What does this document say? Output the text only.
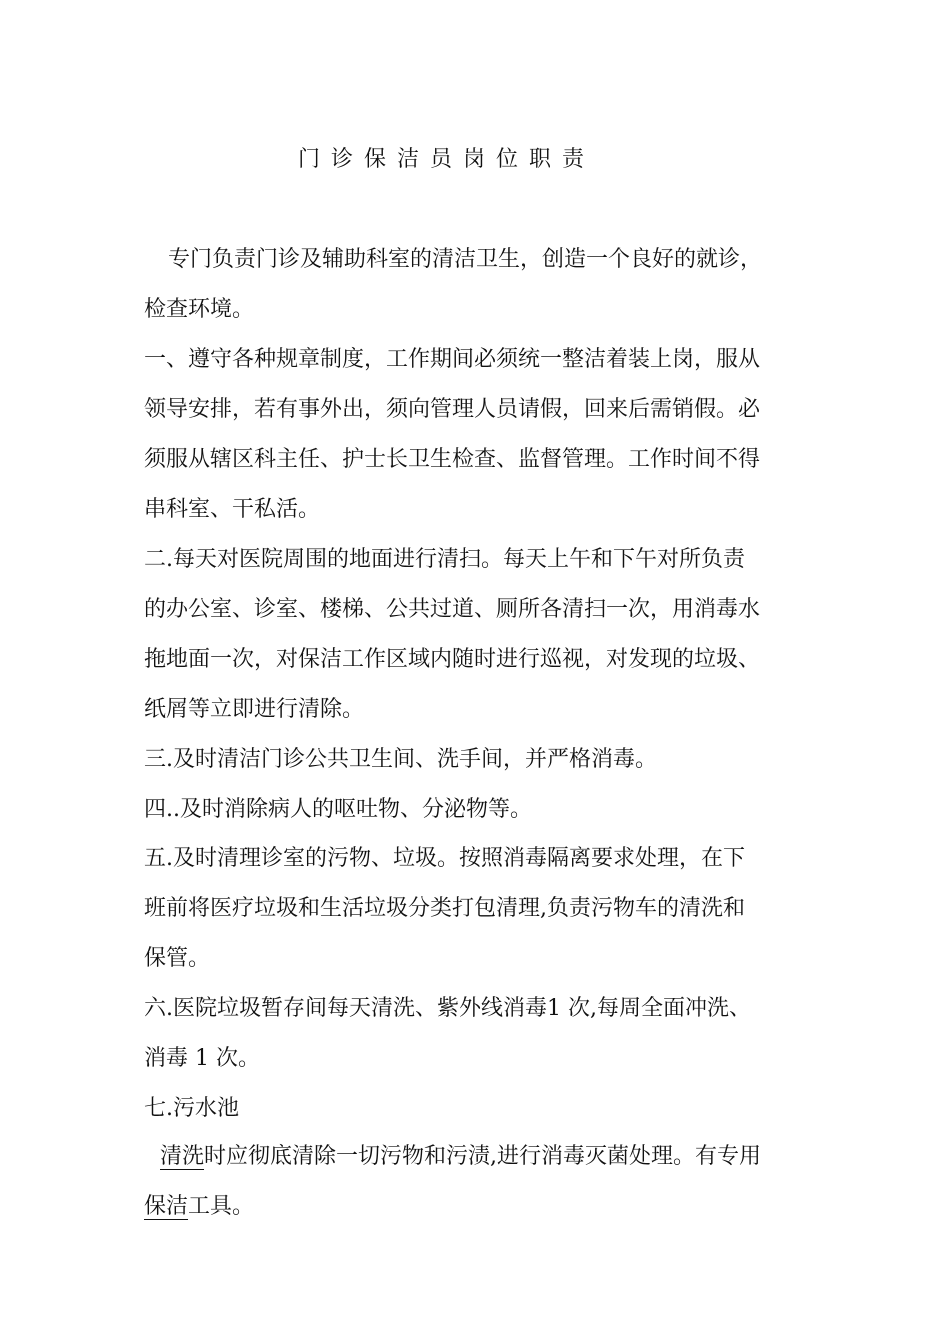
门诊保洁员岗位职责
专门负责门诊及辅助科室的清洁卫生，创造一个良好的就诊，
检查环境。
一、遵守各种规章制度，工作期间必须统一整洁着装上岗，服从
领导安排，若有事外出，须向管理人员请假，回来后需销假。必
须服从辖区科主任、护士长卫生检查、监督管理。工作时间不得
串科室、干私活。
二.每天对医院周围的地面进行清扫。每天上午和下午对所负责
的办公室、诊室、楼梯、公共过道、厕所各清扫一次，用消毒水
拖地面一次，对保洁工作区域内随时进行巡视，对发现的垃圾、
纸屑等立即进行清除。
三.及时清洁门诊公共卫生间、洗手间，并严格消毒。
四..及时消除病人的呕吐物、分泌物等。
五.及时清理诊室的污物、垃圾。按照消毒隔离要求处理，在下
班前将医疗垃圾和生活垃圾分类打包清理,负责污物车的清洗和
保管。
六.医院垃圾暂存间每天清洗、紫外线消毒1 次,每周全面冲洗、
消毒 1 次。
七.污水池
清洗时应彻底清除一切污物和污渍,进行消毒灭菌处理。有专用
保洁工具。
